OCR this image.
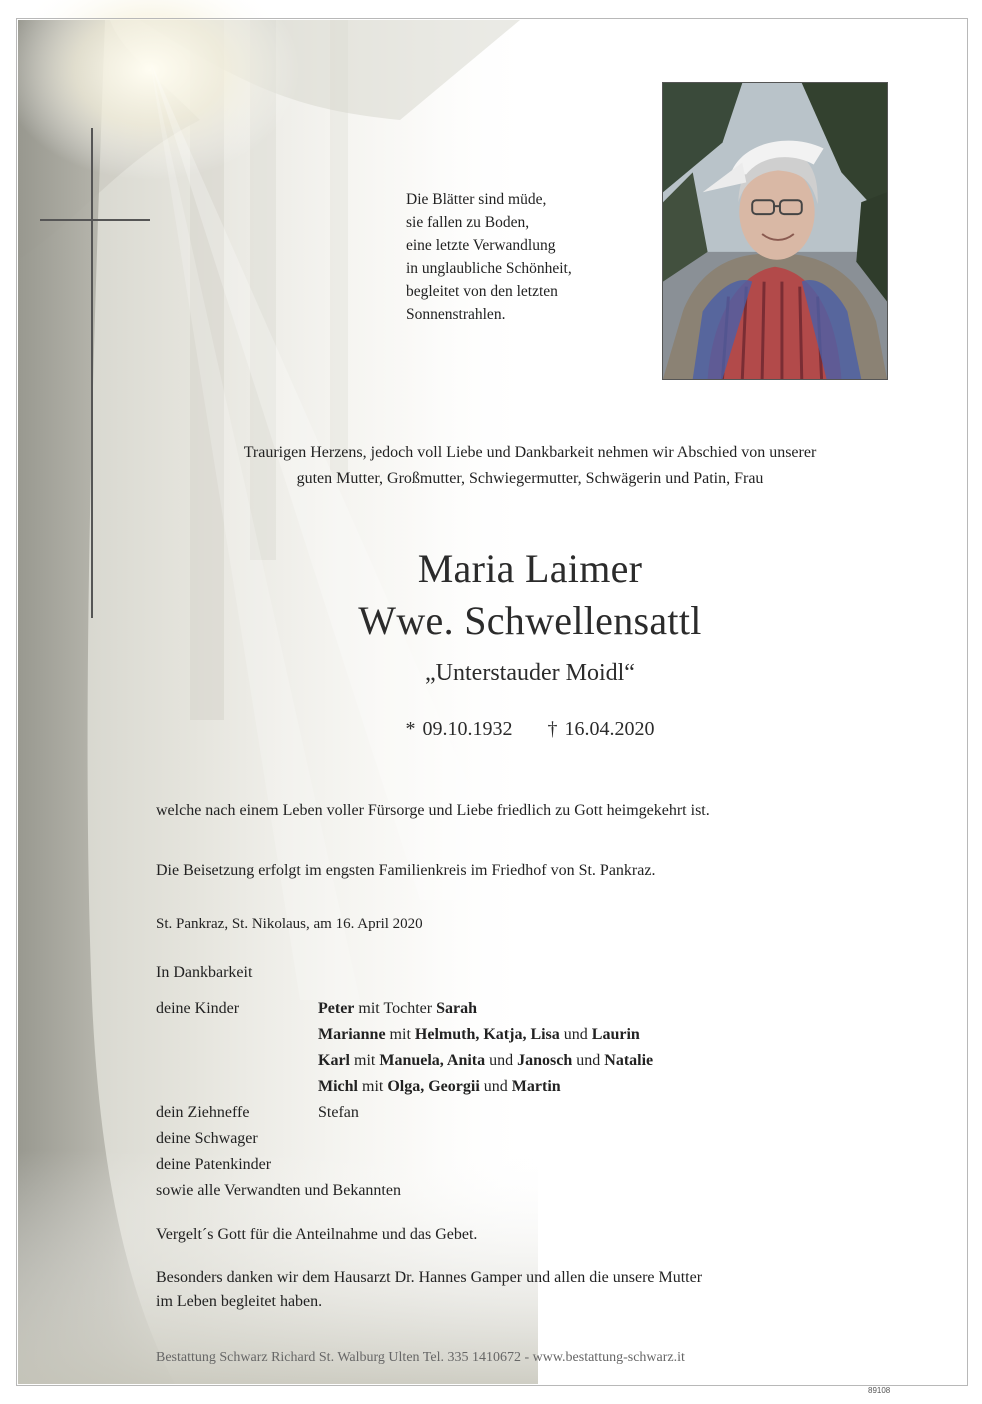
Die Blätter sind müde,
sie fallen zu Boden,
eine letzte Verwandlung
in unglaubliche Schönheit,
begleitet von den letzten
Sonnenstrahlen.
Traurigen Herzens, jedoch voll Liebe und Dankbarkeit nehmen wir Abschied von unserer
guten Mutter, Großmutter, Schwiegermutter, Schwägerin und Patin, Frau
Maria Laimer
Wwe. Schwellensattl
„Unterstauder Moidl“
* 09.10.1932 † 16.04.2020
welche nach einem Leben voller Fürsorge und Liebe friedlich zu Gott heimgekehrt ist.
Die Beisetzung erfolgt im engsten Familienkreis im Friedhof von St. Pankraz.
St. Pankraz, St. Nikolaus, am 16. April 2020
In Dankbarkeit
deine Kinder	Peter mit Tochter Sarah
Marianne mit Helmuth, Katja, Lisa und Laurin
Karl mit Manuela, Anita und Janosch und Natalie
Michl mit Olga, Georgii und Martin
dein Ziehneffe	Stefan
deine Schwager
deine Patenkinder
sowie alle Verwandten und Bekannten
Vergelt´s Gott für die Anteilnahme und das Gebet.
Besonders danken wir dem Hausarzt Dr. Hannes Gamper und allen die unsere Mutter
im Leben begleitet haben.
Bestattung Schwarz Richard St. Walburg Ulten Tel. 335 1410672 - www.bestattung-schwarz.it
89108
